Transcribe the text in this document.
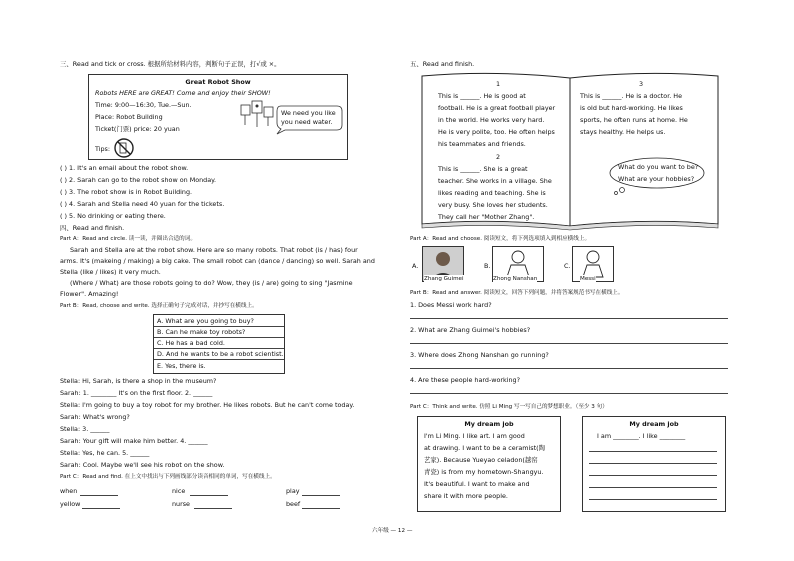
三、Read and tick or cross. 根据所给材料内容，判断句子正误，打√或 ×。
Great Robot Show
Robots HERE are GREAT! Come and enjoy their SHOW!
Time: 9:00—16:30, Tue.—Sun.
Place: Robot Building
Ticket(门票) price: 20 yuan
Tips:
We need you like
you need water.
( ) 1. It's an email about the robot show.
( ) 2. Sarah can go to the robot show on Monday.
( ) 3. The robot show is in Robot Building.
( ) 4. Sarah and Stella need 40 yuan for the tickets.
( ) 5. No drinking or eating there.
四、Read and finish.
Part A：Read and circle. 读一读，并圈出合适的词。
Sarah and Stella are at the robot show. Here are so many robots. That robot (is / has) four
arms. It's (makeing / making) a big cake. The small robot can (dance / dancing) so well. Sarah and
Stella (like / likes) it very much.
(Where / What) are those robots going to do? Wow, they (is / are) going to sing "Jasmine
Flower". Amazing!
Part B：Read, choose and write. 选择正确句子完成对话，并抄写在横线上。
A. What are you going to buy?
B. Can he make toy robots?
C. He has a bad cold.
D. And he wants to be a robot scientist.
E. Yes, there is.
Stella: Hi, Sarah, is there a shop in the museum?
Sarah: 1. ________ It's on the first floor. 2. ______
Stella: I'm going to buy a toy robot for my brother. He likes robots. But he can't come today.
Sarah: What's wrong?
Stella: 3. ______
Sarah: Your gift will make him better. 4. ______
Stella: Yes, he can. 5. ______
Sarah: Cool. Maybe we'll see his robot on the show.
Part C：Read and find. 在上文中找出与下列画线部分读音相同的单词，写在横线上。
when	nice	play
yellow	nurse	beef
五、Read and finish.
1
This is ______. He is good at
football. He is a great football player
in the world. He works very hard.
He is very polite, too. He often helps
his teammates and friends.
2
This is ______. She is a great
teacher. She works in a village. She
likes reading and teaching. She is
very busy. She loves her students.
They call her "Mother Zhang".
3
This is ______. He is a doctor. He
is old but hard-working. He likes
sports, he often runs at home. He
stays healthy. He helps us.
What do you want to be?
What are your hobbies?
Part A：Read and choose. 阅读短文，将下列选项填入到相应横线上。
A.
Zhang Guimei
B.
Zhong Nanshan
C.
Messi
Part B：Read and answer. 阅读短文，回答下列问题，并将答案规范书写在横线上。
1. Does Messi work hard?
2. What are Zhang Guimei's hobbies?
3. Where does Zhong Nanshan go running?
4. Are these people hard-working?
Part C：Think and write. 仿照 Li Ming 写一写自己的梦想职业。（至少 3 句）
My dream job
I'm Li Ming. I like art. I am good
at drawing. I want to be a ceramist(陶
艺家). Because Yueyao celadon(越窑
青瓷) is from my hometown-Shangyu.
It's beautiful. I want to make and
share it with more people.
My dream job
I am ________. I like ________
六年级 — 12 —
